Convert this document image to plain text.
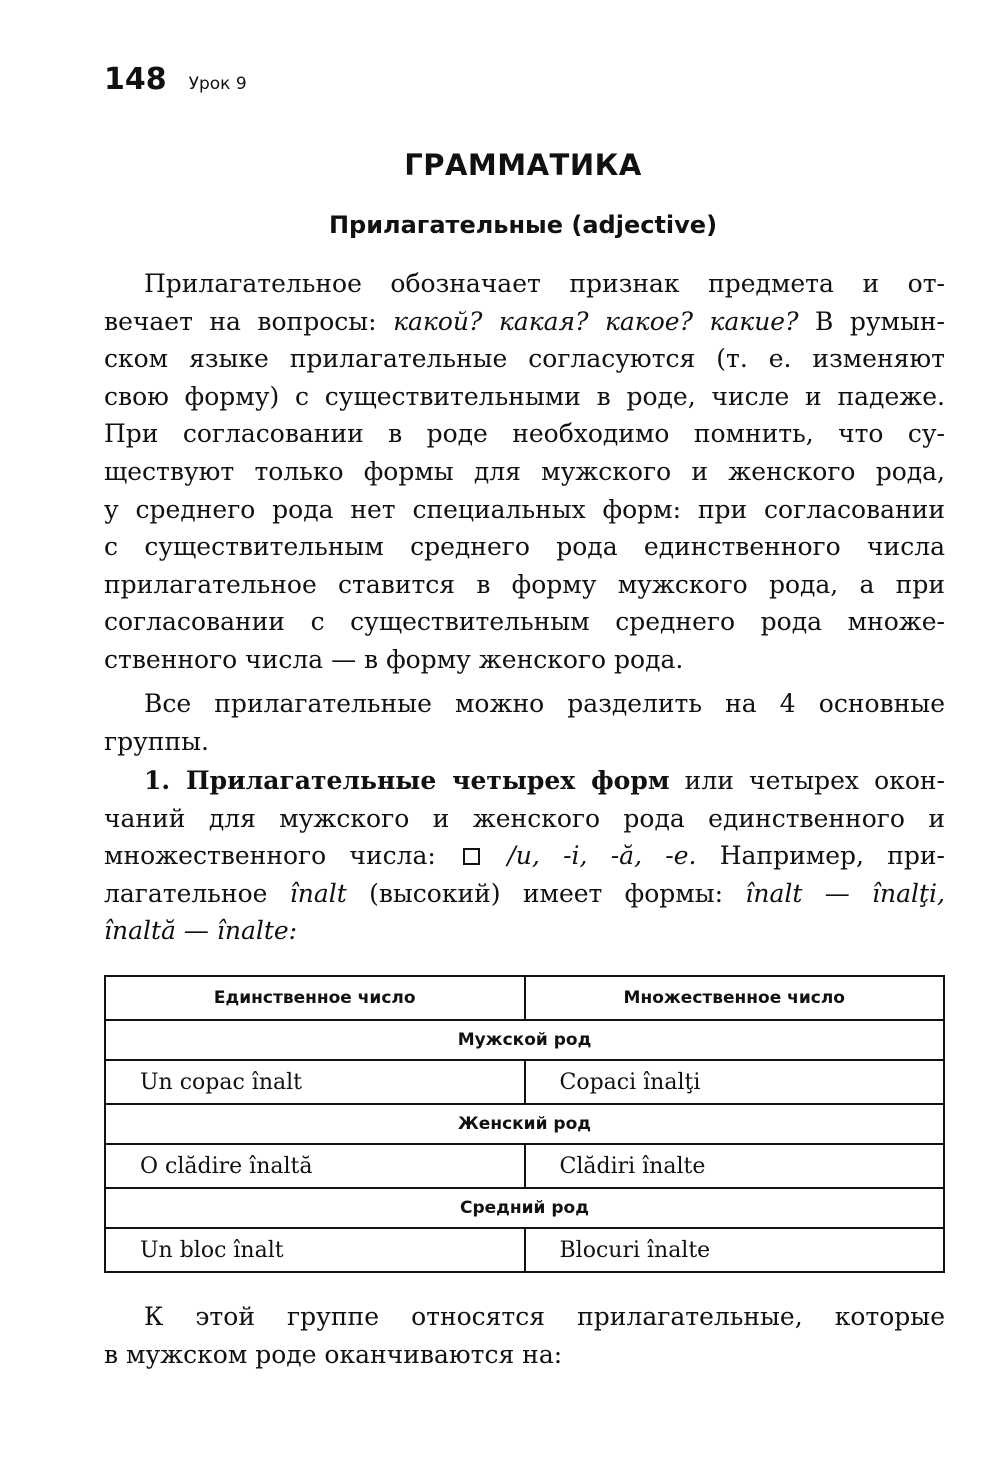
148 Урок 9
ГРАММАТИКА
Прилагательные (adjective)
Прилагательное обозначает признак предмета и от-
вечает на вопросы: какой? какая? какое? какие? В румын-
ском языке прилагательные согласуются (т. е. изменяют
свою форму) с существительными в роде, числе и падеже.
При согласовании в роде необходимо помнить, что су-
ществуют только формы для мужского и женского рода,
у среднего рода нет специальных форм: при согласовании
с существительным среднего рода единственного числа
прилагательное ставится в форму мужского рода, а при
согласовании с существительным среднего рода множе-
ственного числа — в форму женского рода.
Все прилагательные можно разделить на 4 основные
группы.
1. Прилагательные четырех форм или четырех окон-
чаний для мужского и женского рода единственного и
множественного числа:  /u, -i, -ă, -e. Например, при-
лагательное înalt (высокий) имеет формы: înalt — înalţi,
înaltă — înalte:
Единственное число	Множественное число
Мужской род	
Un copac înalt	Copaci înalţi
Женский род	
O clădire înaltă	Clădiri înalte
Средний род	
Un bloc înalt	Blocuri înalte
К этой группе относятся прилагательные, которые
в мужском роде оканчиваются на:
